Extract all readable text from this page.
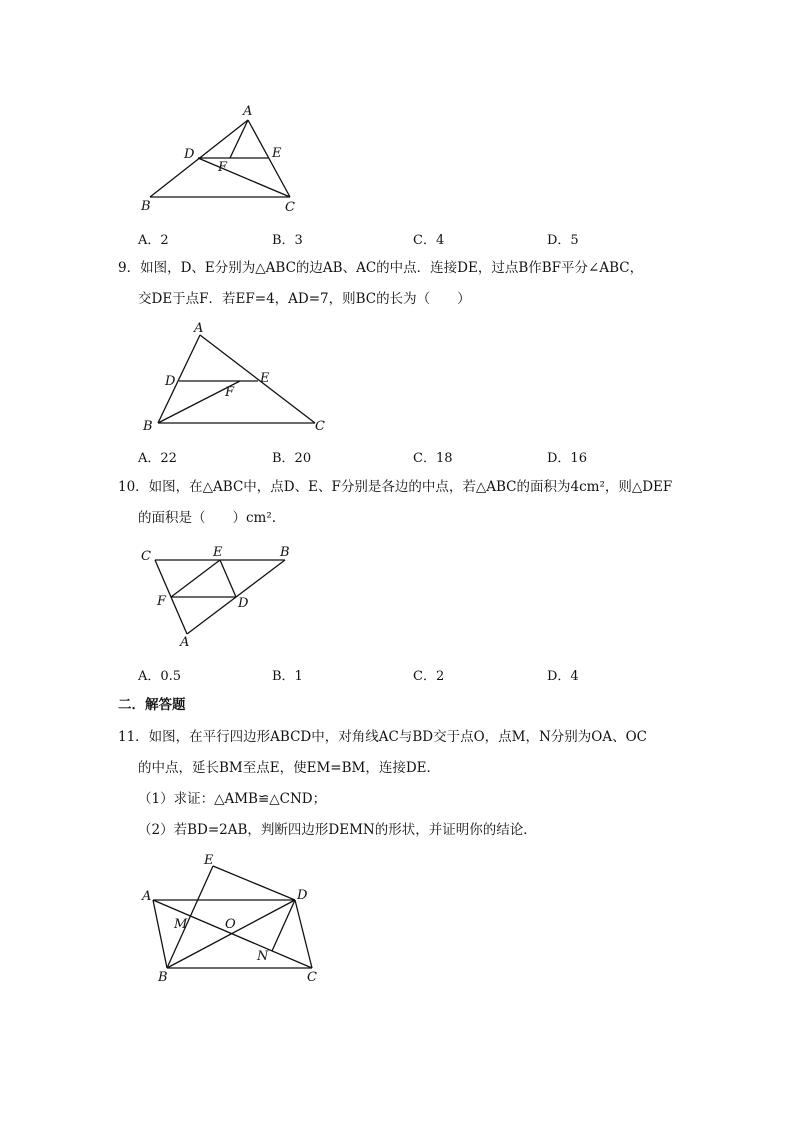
A
D	E
F
B	C
A．2	B．3	C．4	D．5
9．如图，D、E分别为△ABC的边AB、AC的中点．连接DE，过点B作BF平分∠ABC，
交DE于点F．若EF=4，AD=7，则BC的长为（　　）
A
D	E
F
B	C
A．22	B．20	C．18	D．16
10．如图，在△ABC中，点D、E、F分别是各边的中点，若△ABC的面积为4cm²，则△DEF
的面积是（　　）cm².
C	E	B
F	D
A
A．0.5	B．1	C．2	D．4
二．解答题
11．如图，在平行四边形ABCD中，对角线AC与BD交于点O，点M，N分别为OA、OC
的中点，延长BM至点E，使EM=BM，连接DE．
（1）求证：△AMB≌△CND；
（2）若BD=2AB，判断四边形DEMN的形状，并证明你的结论．
E
A	D
M	O
N
B	C
